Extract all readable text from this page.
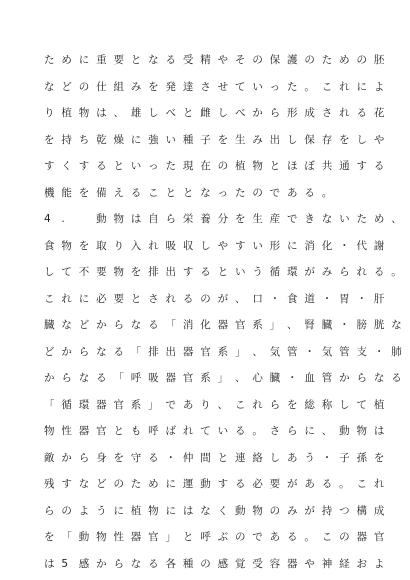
た め に 重 要 と な る 受 精 や そ の 保 護 の た め の 胚
な ど の 仕 組 み を 発 達 さ せ て い っ た 。 こ れ に よ
り 植 物 は 、 雄 し べ と 雌 し べ か ら 形 成 さ れ る 花
を 持 ち 乾 燥 に 強 い 種 子 を 生 み 出 し 保 存 を し や
す く す る と い っ た 現 在 の 植 物 と ほ ぼ 共 通 す る
機 能 を 備 え る こ と と な っ た の で あ る 。
4 .	動 物 は 自 ら 栄 養 分 を 生 産 で き な い た め 、
食 物 を 取 り 入 れ 吸 収 し や す い 形 に 消 化 ・ 代 謝
し て 不 要 物 を 排 出 す る と い う 循 環 が み ら れ る 。
こ れ に 必 要 と さ れ る の が 、 口 ・ 食 道 ・ 胃 ・ 肝
臓 な ど か ら な る 「 消 化 器 官 系 」 、 腎 臓 ・ 膀 胱 な
ど か ら な る 「 排 出 器 官 系 」 、 気 管 ・ 気 管 支 ・ 肺
か ら な る 「 呼 吸 器 官 系 」 、 心 臓 ・ 血 管 か ら な る
「 循 環 器 官 系 」 で あ り 、 こ れ ら を 総 称 し て 植
物 性 器 官 と も 呼 ば れ て い る 。 さ ら に 、 動 物 は
敵 か ら 身 を 守 る ・ 仲 間 と 連 絡 し あ う ・ 子 孫 を
残 す な ど の た め に 運 動 す る 必 要 が あ る 。 こ れ
ら の よ う に 植 物 に は な く 動 物 の み が 持 つ 構 成
を 「 動 物 性 器 官 」 と 呼 ぶ の で あ る 。 こ の 器 官
は 5 感 か ら な る 各 種 の 感 覚 受 容 器 や 神 経 お よ
